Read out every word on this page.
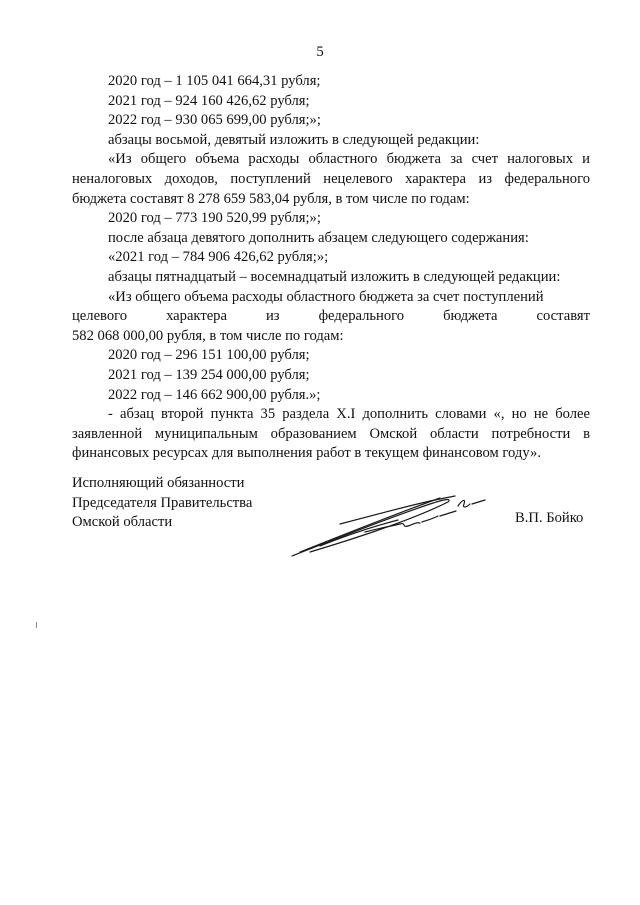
5

2020 год – 1 105 041 664,31 рубля;

2021 год – 924 160 426,62 рубля;

2022 год – 930 065 699,00 рубля;»;

абзацы восьмой, девятый изложить в следующей редакции:

«Из общего объема расходы областного бюджета за счет налоговых и неналоговых доходов, поступлений нецелевого характера из федерального бюджета составят 8 278 659 583,04 рубля, в том числе по годам:

2020 год – 773 190 520,99 рубля;»;

после абзаца девятого дополнить абзацем следующего содержания:

«2021 год – 784 906 426,62 рубля;»;

абзацы пятнадцатый – восемнадцатый изложить в следующей редакции:

«Из общего объема расходы областного бюджета за счет поступлений

целевого	характера	из	федерального	бюджета	составят

582 068 000,00 рубля, в том числе по годам:

2020 год – 296 151 100,00 рубля;

2021 год – 139 254 000,00 рубля;

2022 год – 146 662 900,00 рубля.»;

- абзац второй пункта 35 раздела X.I дополнить словами «, но не более заявленной муниципальным образованием Омской области потребности в финансовых ресурсах для выполнения работ в текущем финансовом году».

Исполняющий обязанности

Председателя Правительства

Омской области	В.П. Бойко
